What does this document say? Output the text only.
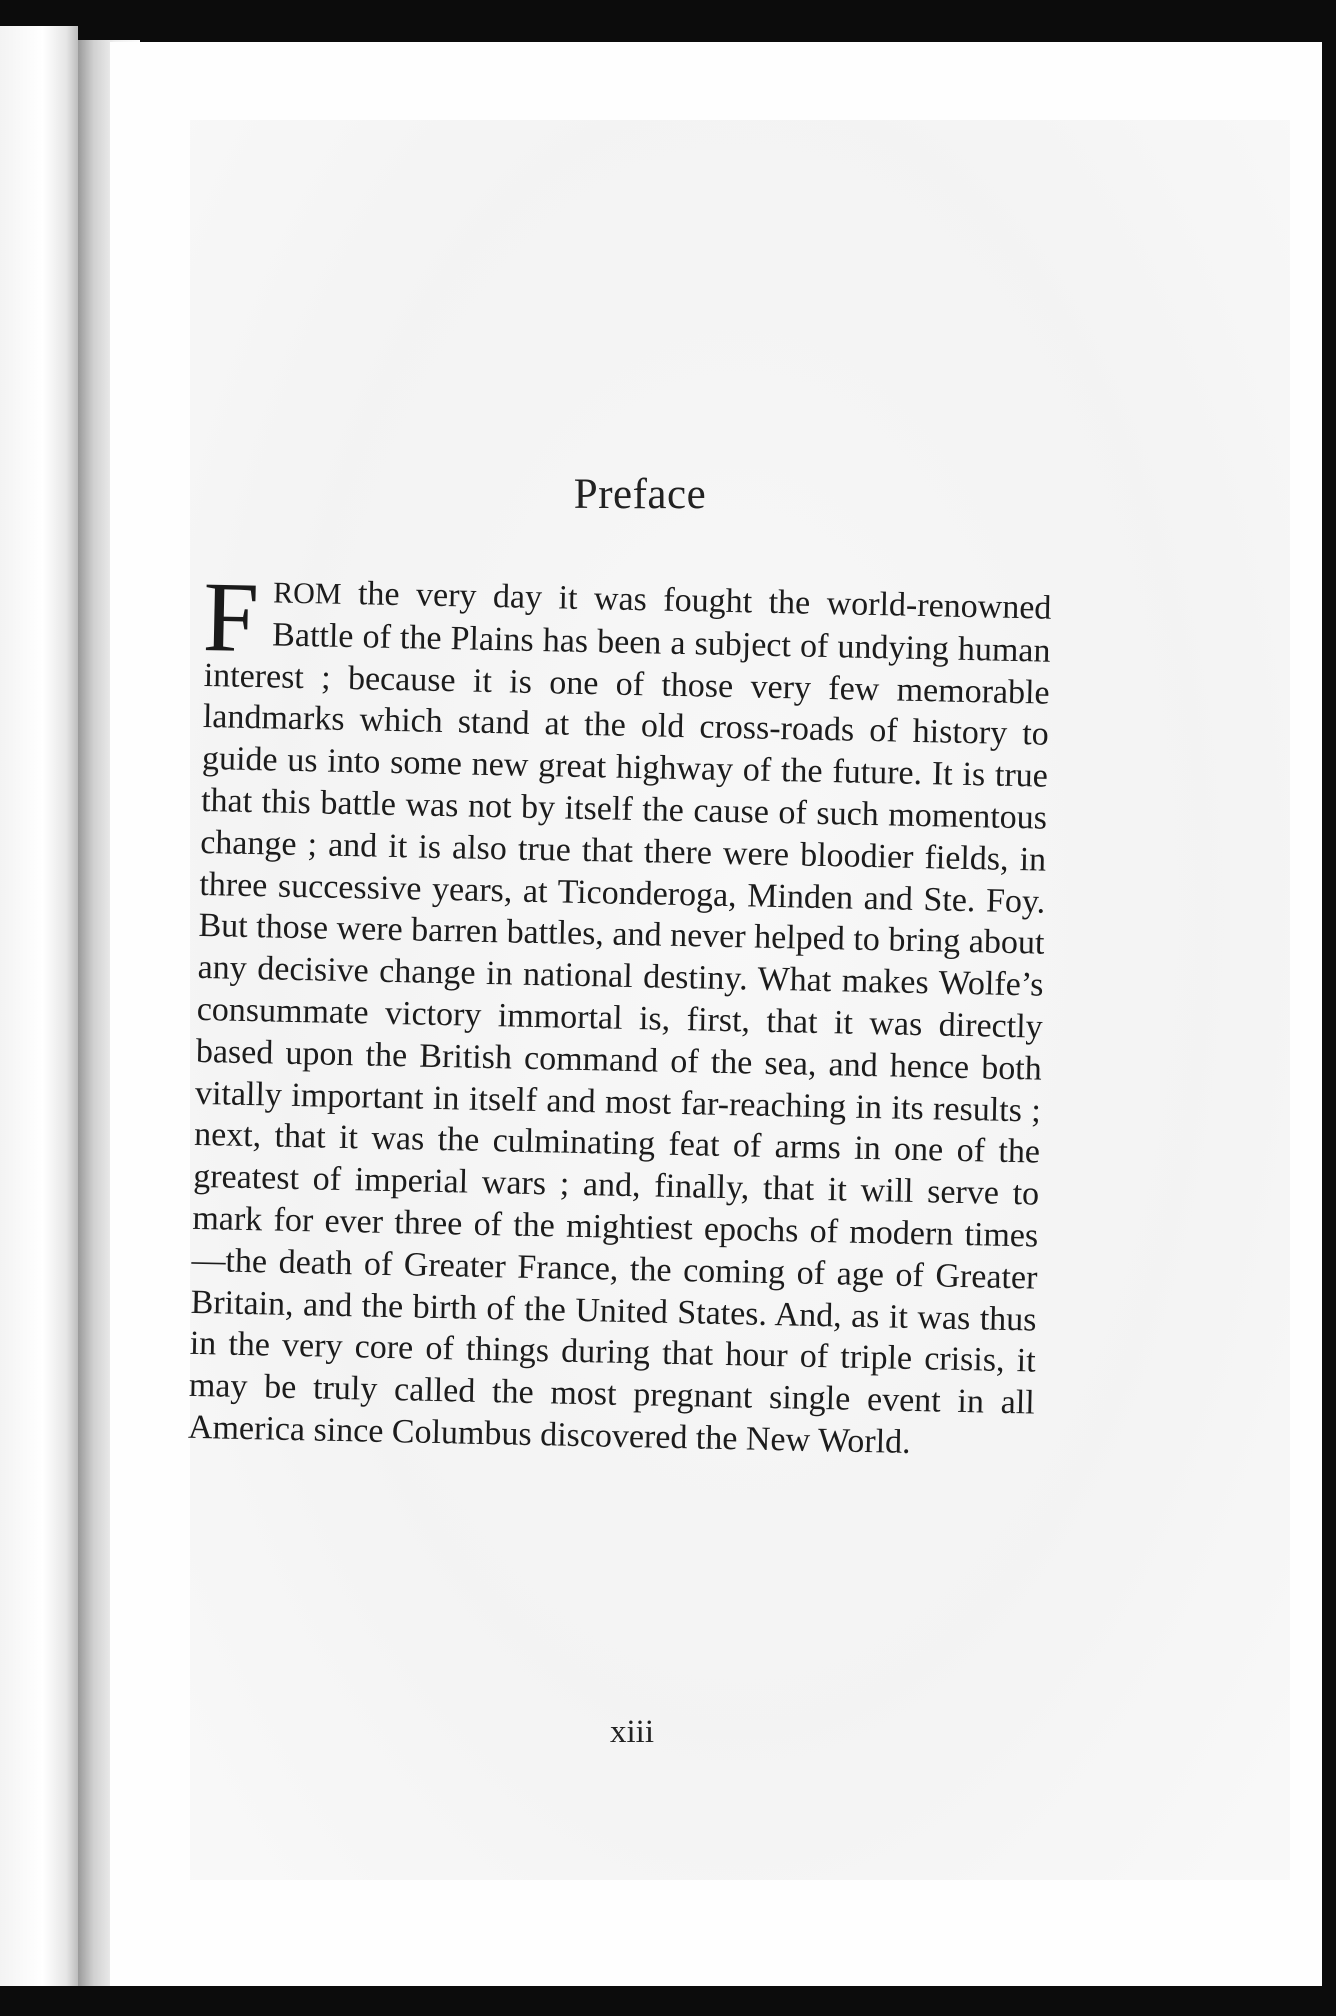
Preface

FROM the very day it was fought the world-renowned Battle of the Plains has been a subject of undying human interest ; because it is one of those very few memorable landmarks which stand at the old cross-roads of history to guide us into some new great highway of the future. It is true that this battle was not by itself the cause of such momentous change ; and it is also true that there were bloodier fields, in three successive years, at Ticonderoga, Minden and Ste. Foy. But those were barren battles, and never helped to bring about any decisive change in national destiny. What makes Wolfe’s consummate victory immortal is, first, that it was directly based upon the British command of the sea, and hence both vitally important in itself and most far-reaching in its results ; next, that it was the culminating feat of arms in one of the greatest of imperial wars ; and, finally, that it will serve to mark for ever three of the mightiest epochs of modern times—the death of Greater France, the coming of age of Greater Britain, and the birth of the United States. And, as it was thus in the very core of things during that hour of triple crisis, it may be truly called the most pregnant single event in all America since Columbus discovered the New World.

xiii
